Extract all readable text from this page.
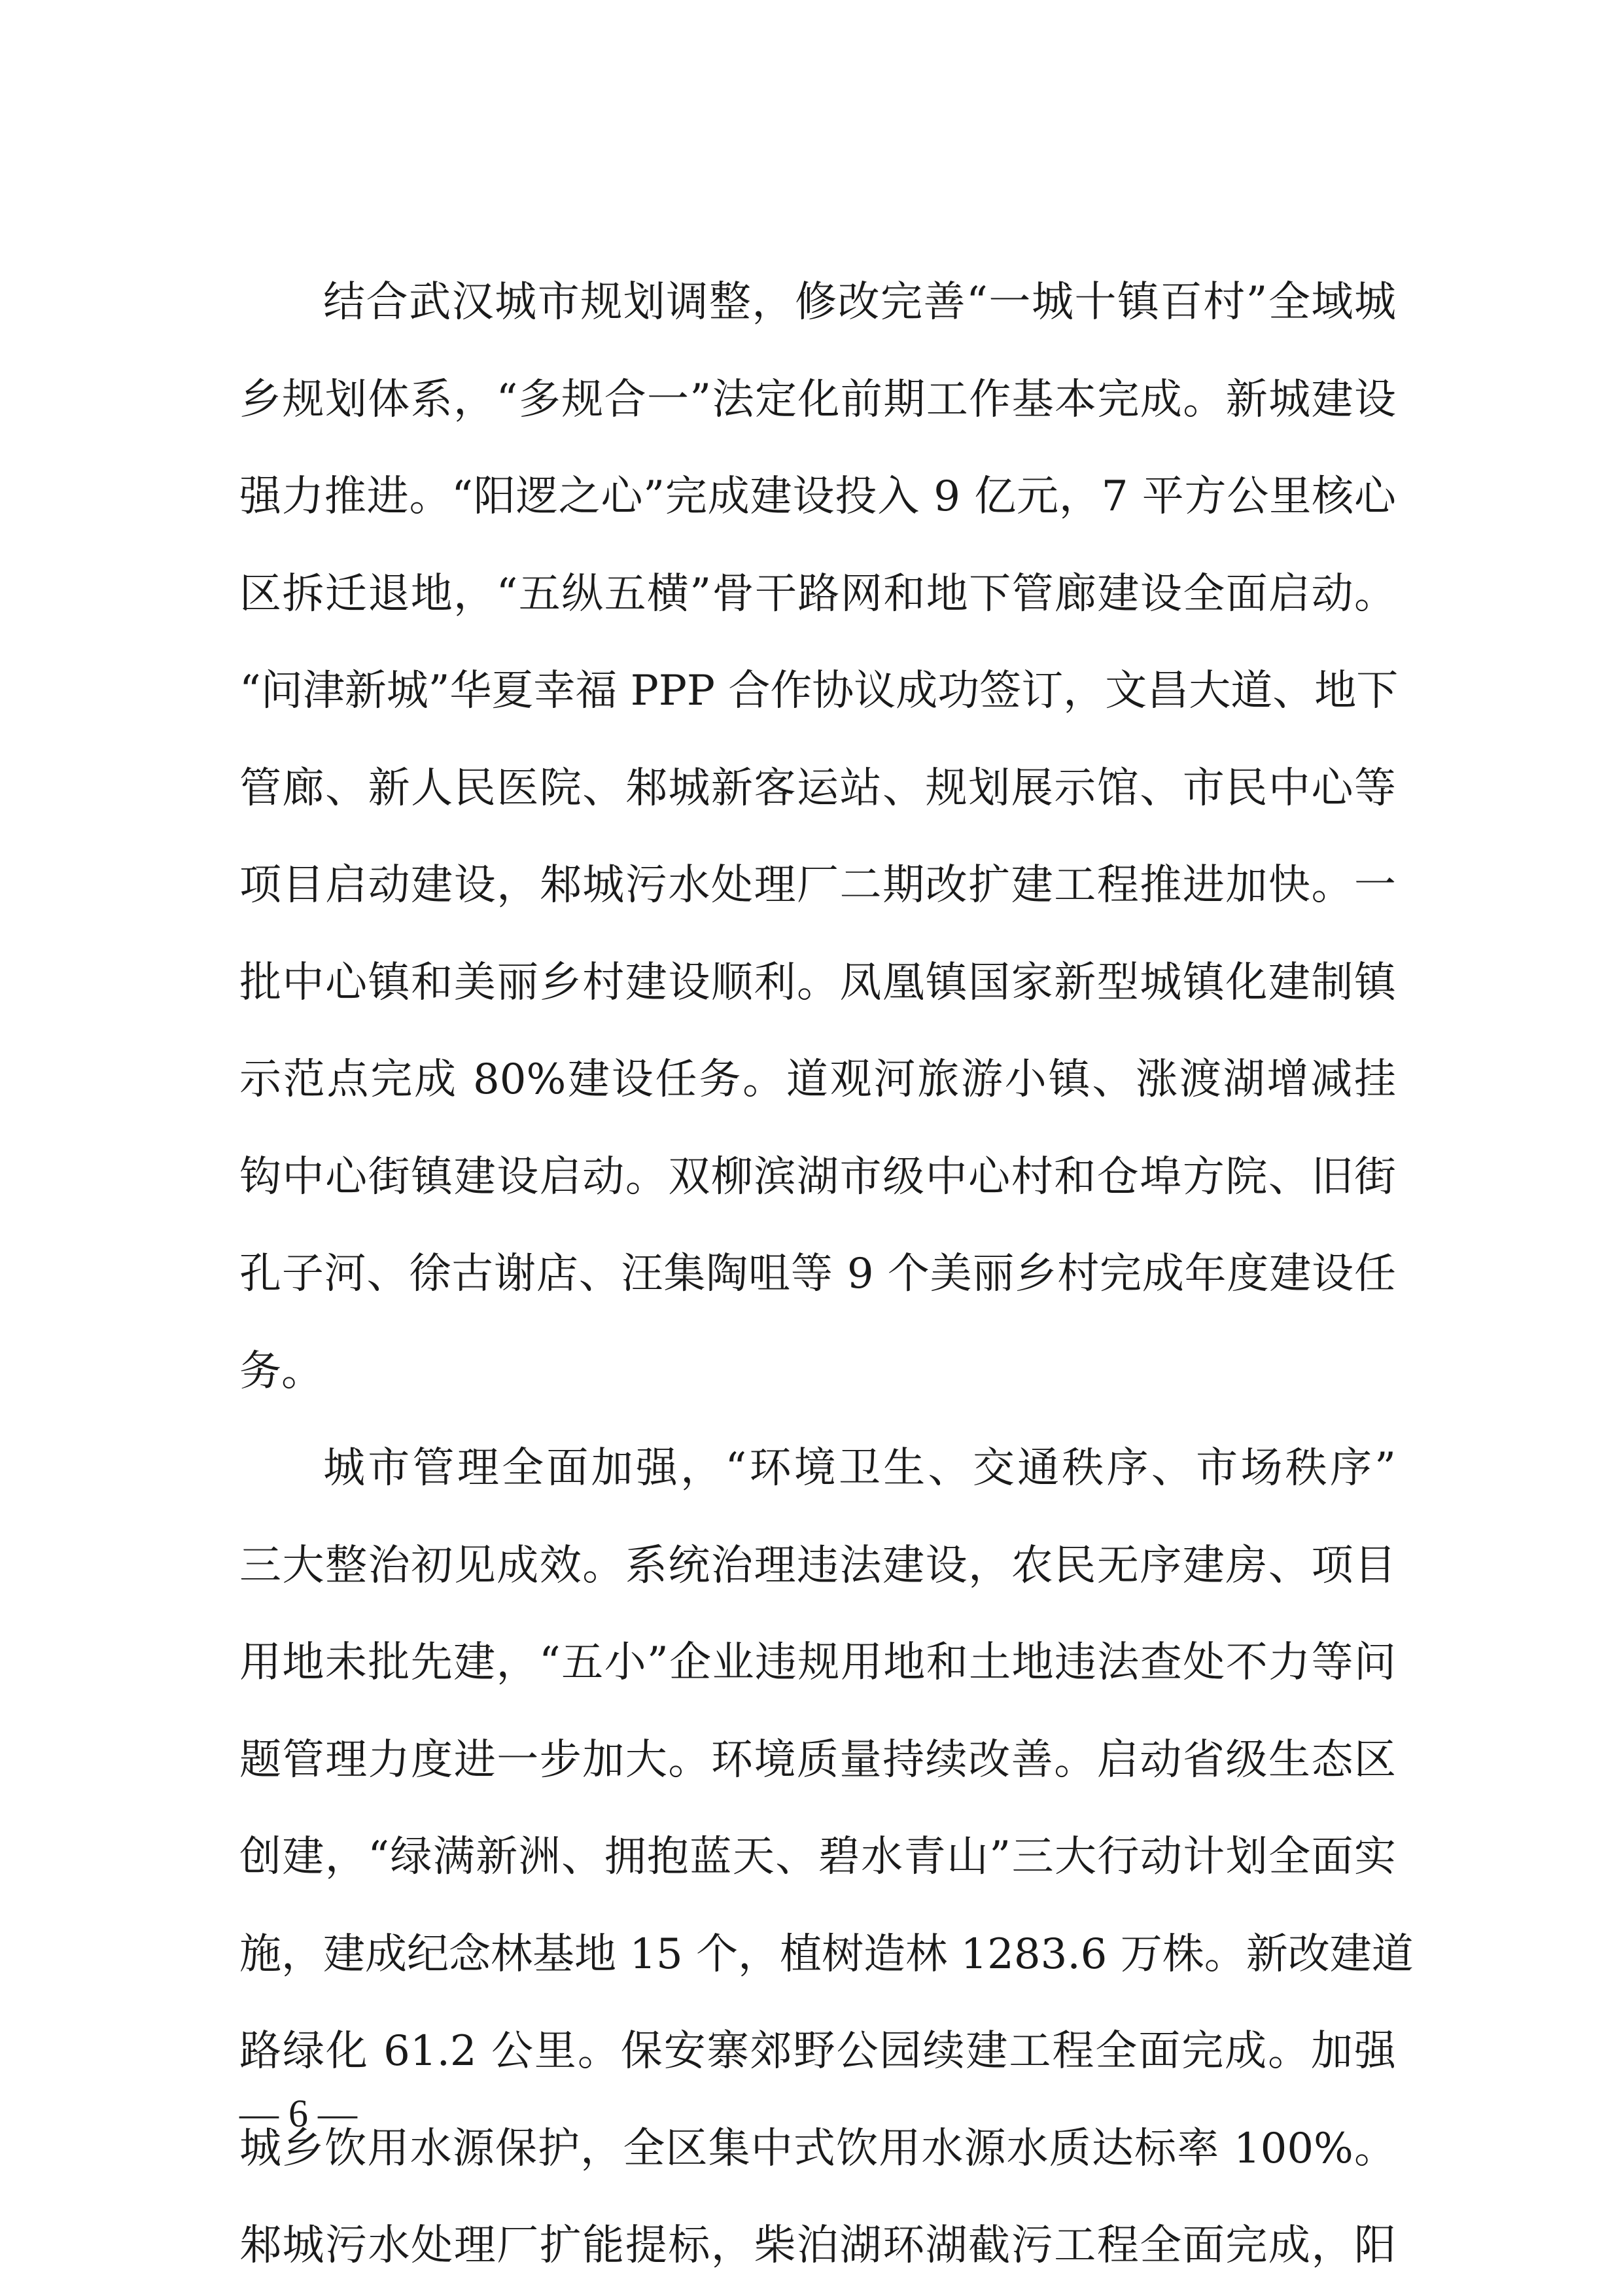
结合武汉城市规划调整，修改完善“一城十镇百村”全域城
乡规划体系，“多规合一”法定化前期工作基本完成。新城建设
强力推进。“阳逻之心”完成建设投入 9 亿元，7 平方公里核心
区拆迁退地，“五纵五横”骨干路网和地下管廊建设全面启动。
“问津新城”华夏幸福 PPP 合作协议成功签订，文昌大道、地下
管廊、新人民医院、邾城新客运站、规划展示馆、市民中心等
项目启动建设，邾城污水处理厂二期改扩建工程推进加快。一
批中心镇和美丽乡村建设顺利。凤凰镇国家新型城镇化建制镇
示范点完成 80%建设任务。道观河旅游小镇、涨渡湖增减挂
钩中心街镇建设启动。双柳滨湖市级中心村和仓埠方院、旧街
孔子河、徐古谢店、汪集陶咀等 9 个美丽乡村完成年度建设任
务。
城市管理全面加强，“环境卫生、交通秩序、市场秩序”
三大整治初见成效。系统治理违法建设，农民无序建房、项目
用地未批先建，“五小”企业违规用地和土地违法查处不力等问
题管理力度进一步加大。环境质量持续改善。启动省级生态区
创建，“绿满新洲、拥抱蓝天、碧水青山”三大行动计划全面实
施，建成纪念林基地 15 个，植树造林 1283.6 万株。新改建道
路绿化 61.2 公里。保安寨郊野公园续建工程全面完成。加强
城乡饮用水源保护，全区集中式饮用水源水质达标率 100%。
邾城污水处理厂扩能提标，柴泊湖环湖截污工程全面完成，阳
— 6 —
